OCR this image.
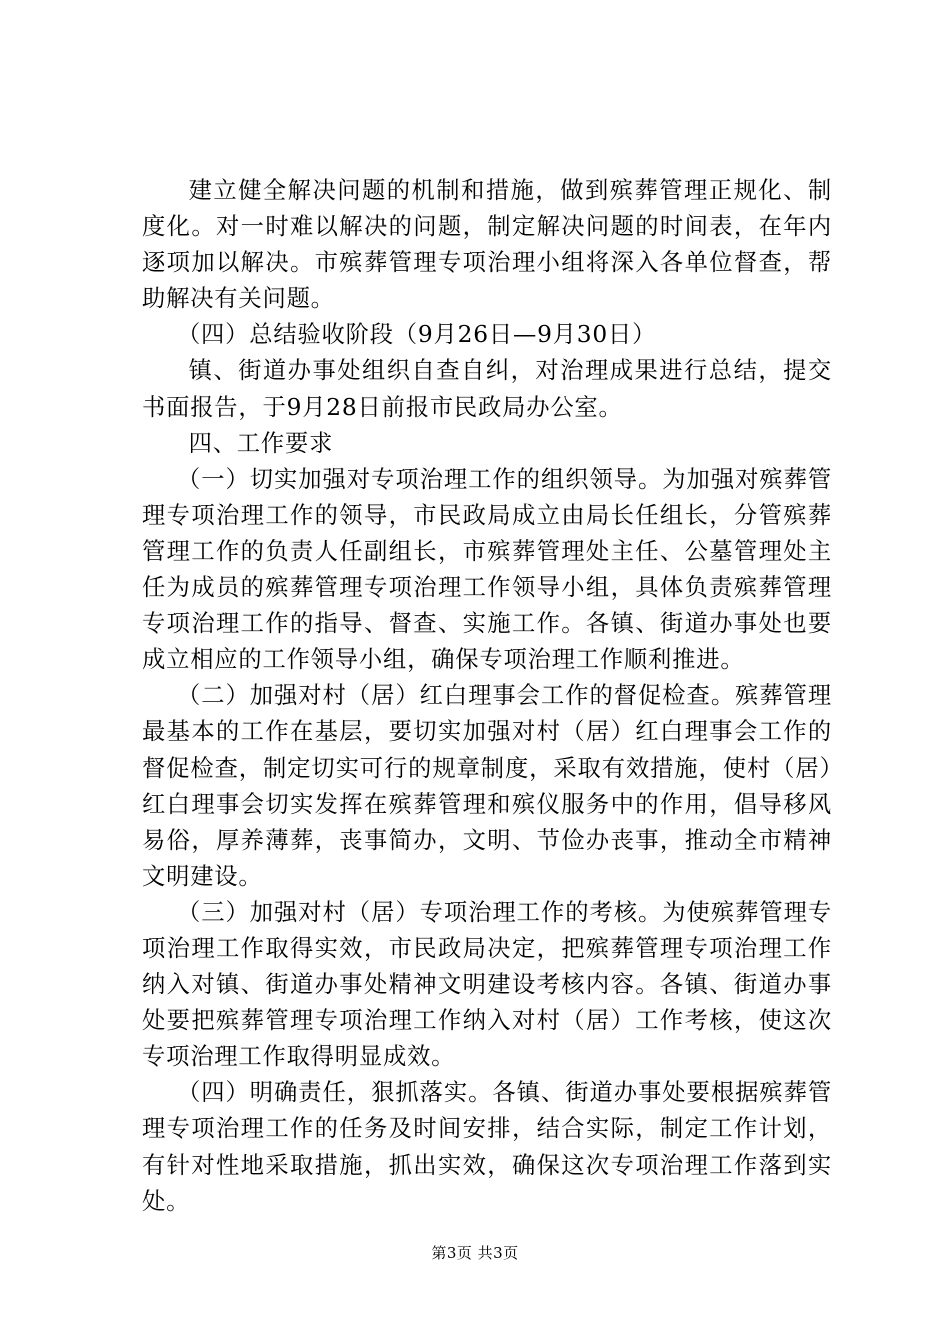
建立健全解决问题的机制和措施，做到殡葬管理正规化、制度化。对一时难以解决的问题，制定解决问题的时间表，在年内逐项加以解决。市殡葬管理专项治理小组将深入各单位督查，帮助解决有关问题。

（四）总结验收阶段（9月26日—9月30日）

镇、街道办事处组织自查自纠，对治理成果进行总结，提交书面报告，于9月28日前报市民政局办公室。

四、工作要求

（一）切实加强对专项治理工作的组织领导。为加强对殡葬管理专项治理工作的领导，市民政局成立由局长任组长，分管殡葬管理工作的负责人任副组长，市殡葬管理处主任、公墓管理处主任为成员的殡葬管理专项治理工作领导小组，具体负责殡葬管理专项治理工作的指导、督查、实施工作。各镇、街道办事处也要成立相应的工作领导小组，确保专项治理工作顺利推进。

（二）加强对村（居）红白理事会工作的督促检查。殡葬管理最基本的工作在基层，要切实加强对村（居）红白理事会工作的督促检查，制定切实可行的规章制度，采取有效措施，使村（居）红白理事会切实发挥在殡葬管理和殡仪服务中的作用，倡导移风易俗，厚养薄葬，丧事简办，文明、节俭办丧事，推动全市精神文明建设。

（三）加强对村（居）专项治理工作的考核。为使殡葬管理专项治理工作取得实效，市民政局决定，把殡葬管理专项治理工作纳入对镇、街道办事处精神文明建设考核内容。各镇、街道办事处要把殡葬管理专项治理工作纳入对村（居）工作考核，使这次专项治理工作取得明显成效。

（四）明确责任，狠抓落实。各镇、街道办事处要根据殡葬管理专项治理工作的任务及时间安排，结合实际，制定工作计划，有针对性地采取措施，抓出实效，确保这次专项治理工作落到实处。

第3页 共3页
